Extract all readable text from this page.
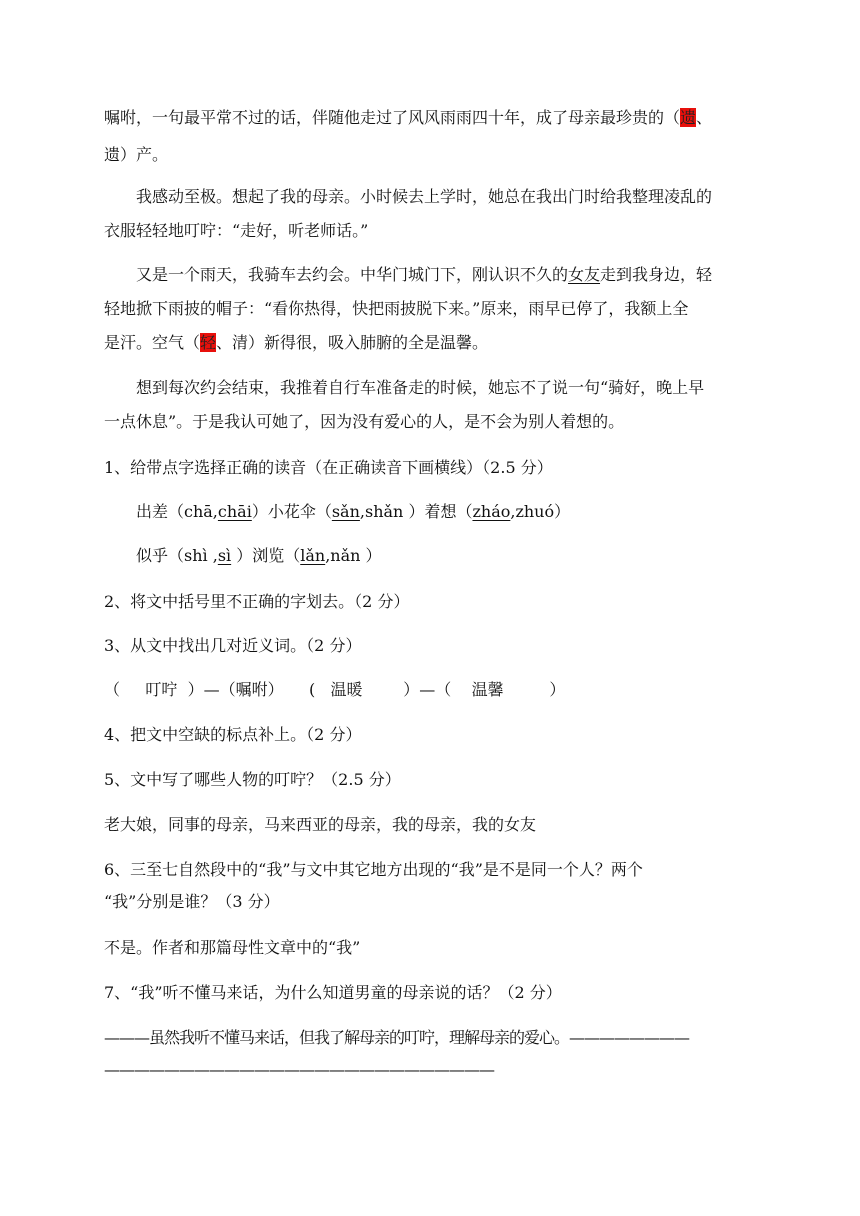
嘱咐，一句最平常不过的话，伴随他走过了风风雨雨四十年，成了母亲最珍贵的（遗、
遗）产。
我感动至极。想起了我的母亲。小时候去上学时，她总在我出门时给我整理凌乱的
衣服轻轻地叮咛：“走好，听老师话。”
又是一个雨天，我骑车去约会。中华门城门下，刚认识不久的女友走到我身边，轻
轻地掀下雨披的帽子：“看你热得，快把雨披脱下来。”原来，雨早已停了，我额上全
是汗。空气（轻、清）新得很，吸入肺腑的全是温馨。
想到每次约会结束，我推着自行车准备走的时候，她忘不了说一句“骑好，晚上早
一点休息”。于是我认可她了，因为没有爱心的人，是不会为别人着想的。
1、给带点字选择正确的读音（在正确读音下画横线）（2.5 分）
出差（chā,chāi）小花伞（sǎn,shǎn ）着想（zháo,zhuó）
似乎（shì ,sì ）浏览（lǎn,nǎn ）
2、将文中括号里不正确的字划去。（2 分）
3、从文中找出几对近义词。（2 分）
（     叮咛  ）—（嘱咐）     (   温暖        ）—（    温馨         ）
4、把文中空缺的标点补上。（2 分）
5、文中写了哪些人物的叮咛？（2.5 分）
老大娘，同事的母亲，马来西亚的母亲，我的母亲，我的女友
6、三至七自然段中的“我”与文中其它地方出现的“我”是不是同一个人？两个
“我”分别是谁？（3 分）
不是。作者和那篇母性文章中的“我”
7、“我”听不懂马来话，为什么知道男童的母亲说的话？（2 分）
———虽然我听不懂马来话，但我了解母亲的叮咛，理解母亲的爱心。————————
——————————————————————————
